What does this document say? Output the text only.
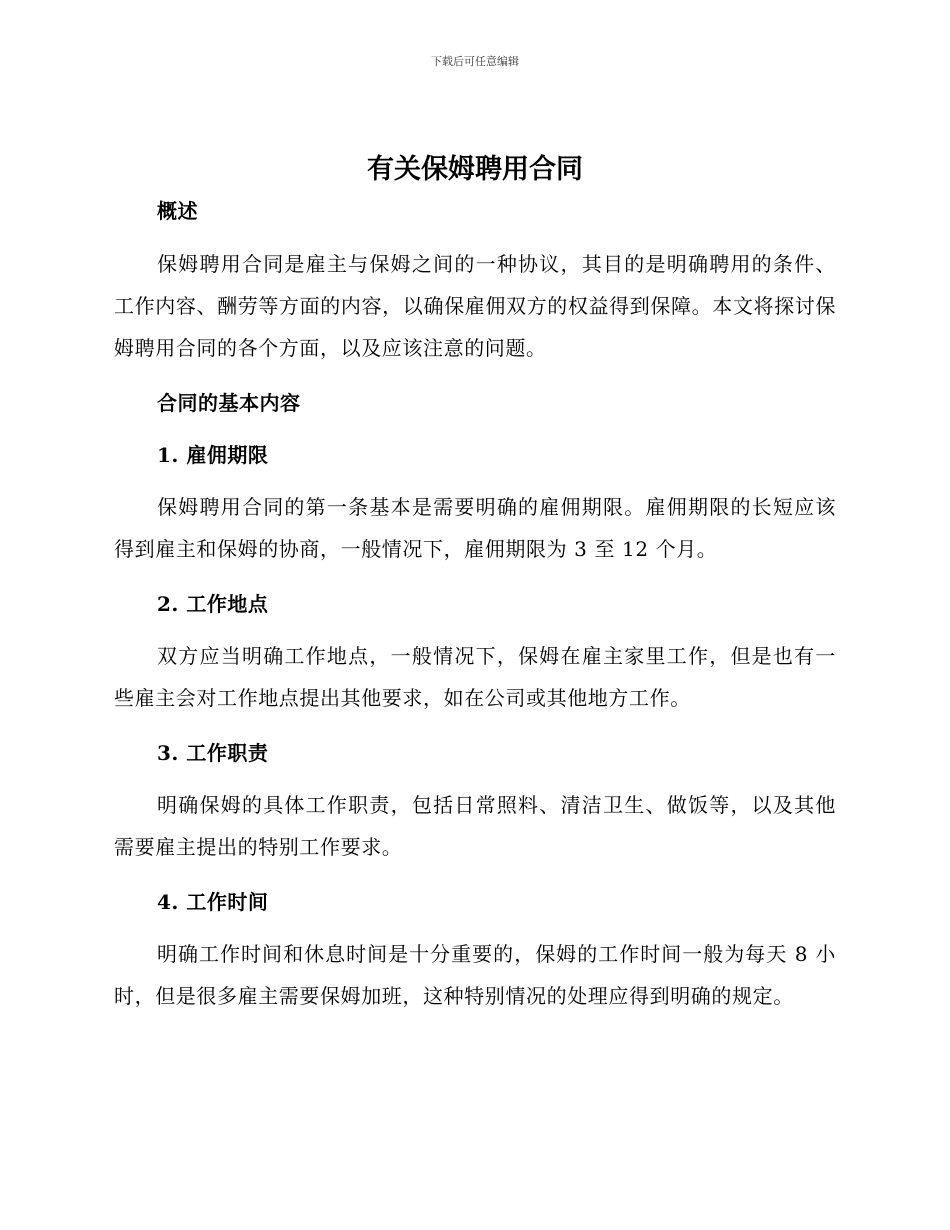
下载后可任意编辑
有关保姆聘用合同

概述

保姆聘用合同是雇主与保姆之间的一种协议，其目的是明确聘用的条件、工作内容、酬劳等方面的内容，以确保雇佣双方的权益得到保障。本文将探讨保姆聘用合同的各个方面，以及应该注意的问题。

合同的基本内容

1. 雇佣期限

保姆聘用合同的第一条基本是需要明确的雇佣期限。雇佣期限的长短应该得到雇主和保姆的协商，一般情况下，雇佣期限为 3 至 12 个月。

2. 工作地点

双方应当明确工作地点，一般情况下，保姆在雇主家里工作，但是也有一些雇主会对工作地点提出其他要求，如在公司或其他地方工作。

3. 工作职责

明确保姆的具体工作职责，包括日常照料、清洁卫生、做饭等，以及其他需要雇主提出的特别工作要求。

4. 工作时间

明确工作时间和休息时间是十分重要的，保姆的工作时间一般为每天 8 小时，但是很多雇主需要保姆加班，这种特别情况的处理应得到明确的规定。
